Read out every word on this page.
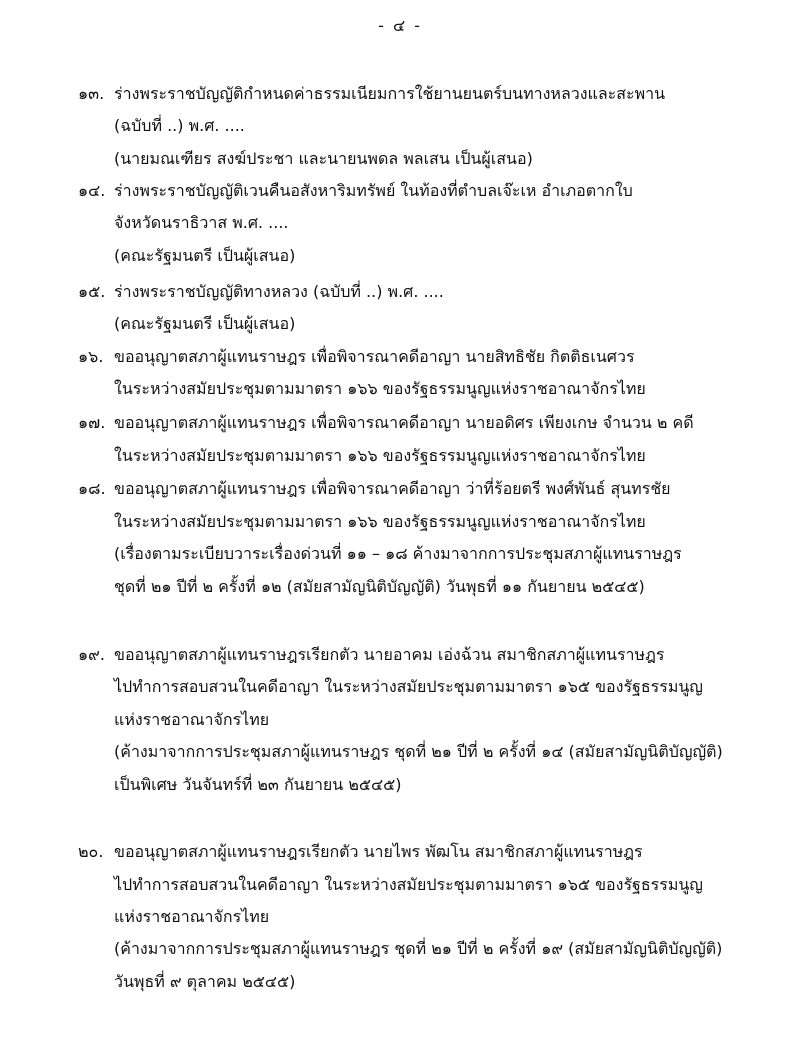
- ๔ -
๑๓. ร่างพระราชบัญญัติกำหนดค่าธรรมเนียมการใช้ยานยนตร์บนทางหลวงและสะพาน
(ฉบับที่ ..) พ.ศ. ....
(นายมณเฑียร สงฆ์ประชา และนายนพดล พลเสน เป็นผู้เสนอ)
๑๔. ร่างพระราชบัญญัติเวนคืนอสังหาริมทรัพย์ ในท้องที่ตำบลเจ๊ะเห อำเภอตากใบ
จังหวัดนราธิวาส พ.ศ. ....
(คณะรัฐมนตรี เป็นผู้เสนอ)
๑๕. ร่างพระราชบัญญัติทางหลวง (ฉบับที่ ..) พ.ศ. ....
(คณะรัฐมนตรี เป็นผู้เสนอ)
๑๖. ขออนุญาตสภาผู้แทนราษฎร เพื่อพิจารณาคดีอาญา นายสิทธิชัย กิตติธเนศวร
ในระหว่างสมัยประชุมตามมาตรา ๑๖๖ ของรัฐธรรมนูญแห่งราชอาณาจักรไทย
๑๗. ขออนุญาตสภาผู้แทนราษฎร เพื่อพิจารณาคดีอาญา นายอดิศร เพียงเกษ จำนวน ๒ คดี
ในระหว่างสมัยประชุมตามมาตรา ๑๖๖ ของรัฐธรรมนูญแห่งราชอาณาจักรไทย
๑๘. ขออนุญาตสภาผู้แทนราษฎร เพื่อพิจารณาคดีอาญา ว่าที่ร้อยตรี พงศ์พันธ์ สุนทรชัย
ในระหว่างสมัยประชุมตามมาตรา ๑๖๖ ของรัฐธรรมนูญแห่งราชอาณาจักรไทย
(เรื่องตามระเบียบวาระเรื่องด่วนที่ ๑๑ – ๑๘ ค้างมาจากการประชุมสภาผู้แทนราษฎร
ชุดที่ ๒๑ ปีที่ ๒ ครั้งที่ ๑๒ (สมัยสามัญนิติบัญญัติ) วันพุธที่ ๑๑ กันยายน ๒๕๔๕)
๑๙. ขออนุญาตสภาผู้แทนราษฎรเรียกตัว นายอาคม เอ่งฉ้วน สมาชิกสภาผู้แทนราษฎร
ไปทำการสอบสวนในคดีอาญา ในระหว่างสมัยประชุมตามมาตรา ๑๖๕ ของรัฐธรรมนูญ
แห่งราชอาณาจักรไทย
(ค้างมาจากการประชุมสภาผู้แทนราษฎร ชุดที่ ๒๑ ปีที่ ๒ ครั้งที่ ๑๔ (สมัยสามัญนิติบัญญัติ)
เป็นพิเศษ วันจันทร์ที่ ๒๓ กันยายน ๒๕๔๕)
๒๐. ขออนุญาตสภาผู้แทนราษฎรเรียกตัว นายไพร พัฒโน สมาชิกสภาผู้แทนราษฎร
ไปทำการสอบสวนในคดีอาญา ในระหว่างสมัยประชุมตามมาตรา ๑๖๕ ของรัฐธรรมนูญ
แห่งราชอาณาจักรไทย
(ค้างมาจากการประชุมสภาผู้แทนราษฎร ชุดที่ ๒๑ ปีที่ ๒ ครั้งที่ ๑๙ (สมัยสามัญนิติบัญญัติ)
วันพุธที่ ๙ ตุลาคม ๒๕๔๕)
